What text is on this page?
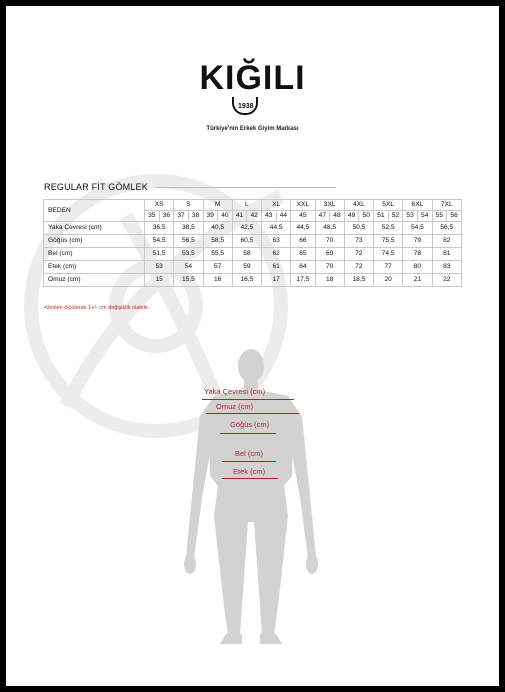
KIĞILI
1938
Türkiye'nin Erkek Giyim Markası
REGULAR FİT GÖMLEK
BEDEN	XS		S		M		L		XL		XXL	3XL		4XL		5XL		6XL		7XL	
	35	36	37	38	39	40	41	42	43	44	45	47	48	49	50	51	52	53	54	55	56
Yaka Çevresi (cm)	36,5		38,5		40,5		42,5		44,5		44,5	48,5		50,5		52,5		54,5		56,5	
Göğüs (cm)	54,5		56,5		58,5		60,5		63		66	70		73		75,5		79		82	
Bel (cm)	51,5		53,5		55,5		58		62		65	69		72		74,5		78		81	
Etek (cm)	53		54		57		59		61		64	70		72		77		80		83	
Omuz (cm)	15		15,5		16		16,5		17		17,5	18		18,5		20		21		22	
•Verilen ölçülerde 1+/- cm değişiklik olabilir.
Yaka Çevresi (cm)
Omuz (cm)
Göğüs (cm)
Bel (cm)
Etek (cm)
